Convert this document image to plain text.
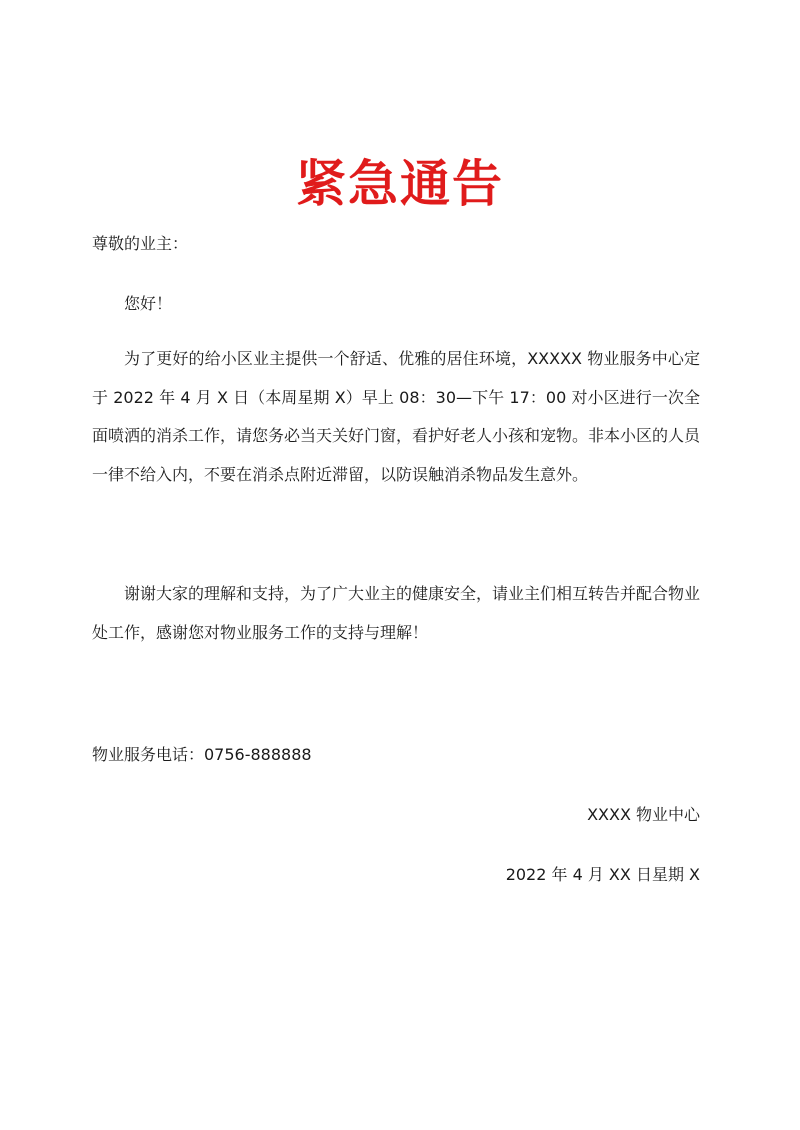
紧急通告

尊敬的业主：

您好！

为了更好的给小区业主提供一个舒适、优雅的居住环境，XXXXX 物业服务中心定于 2022 年 4 月 X 日（本周星期 X）早上 08：30—下午 17：00 对小区进行一次全面喷洒的消杀工作，请您务必当天关好门窗，看护好老人小孩和宠物。非本小区的人员一律不给入内，不要在消杀点附近滞留，以防误触消杀物品发生意外。

谢谢大家的理解和支持，为了广大业主的健康安全，请业主们相互转告并配合物业处工作，感谢您对物业服务工作的支持与理解！

物业服务电话：0756-888888

XXXX 物业中心

2022 年 4 月 XX 日星期 X
